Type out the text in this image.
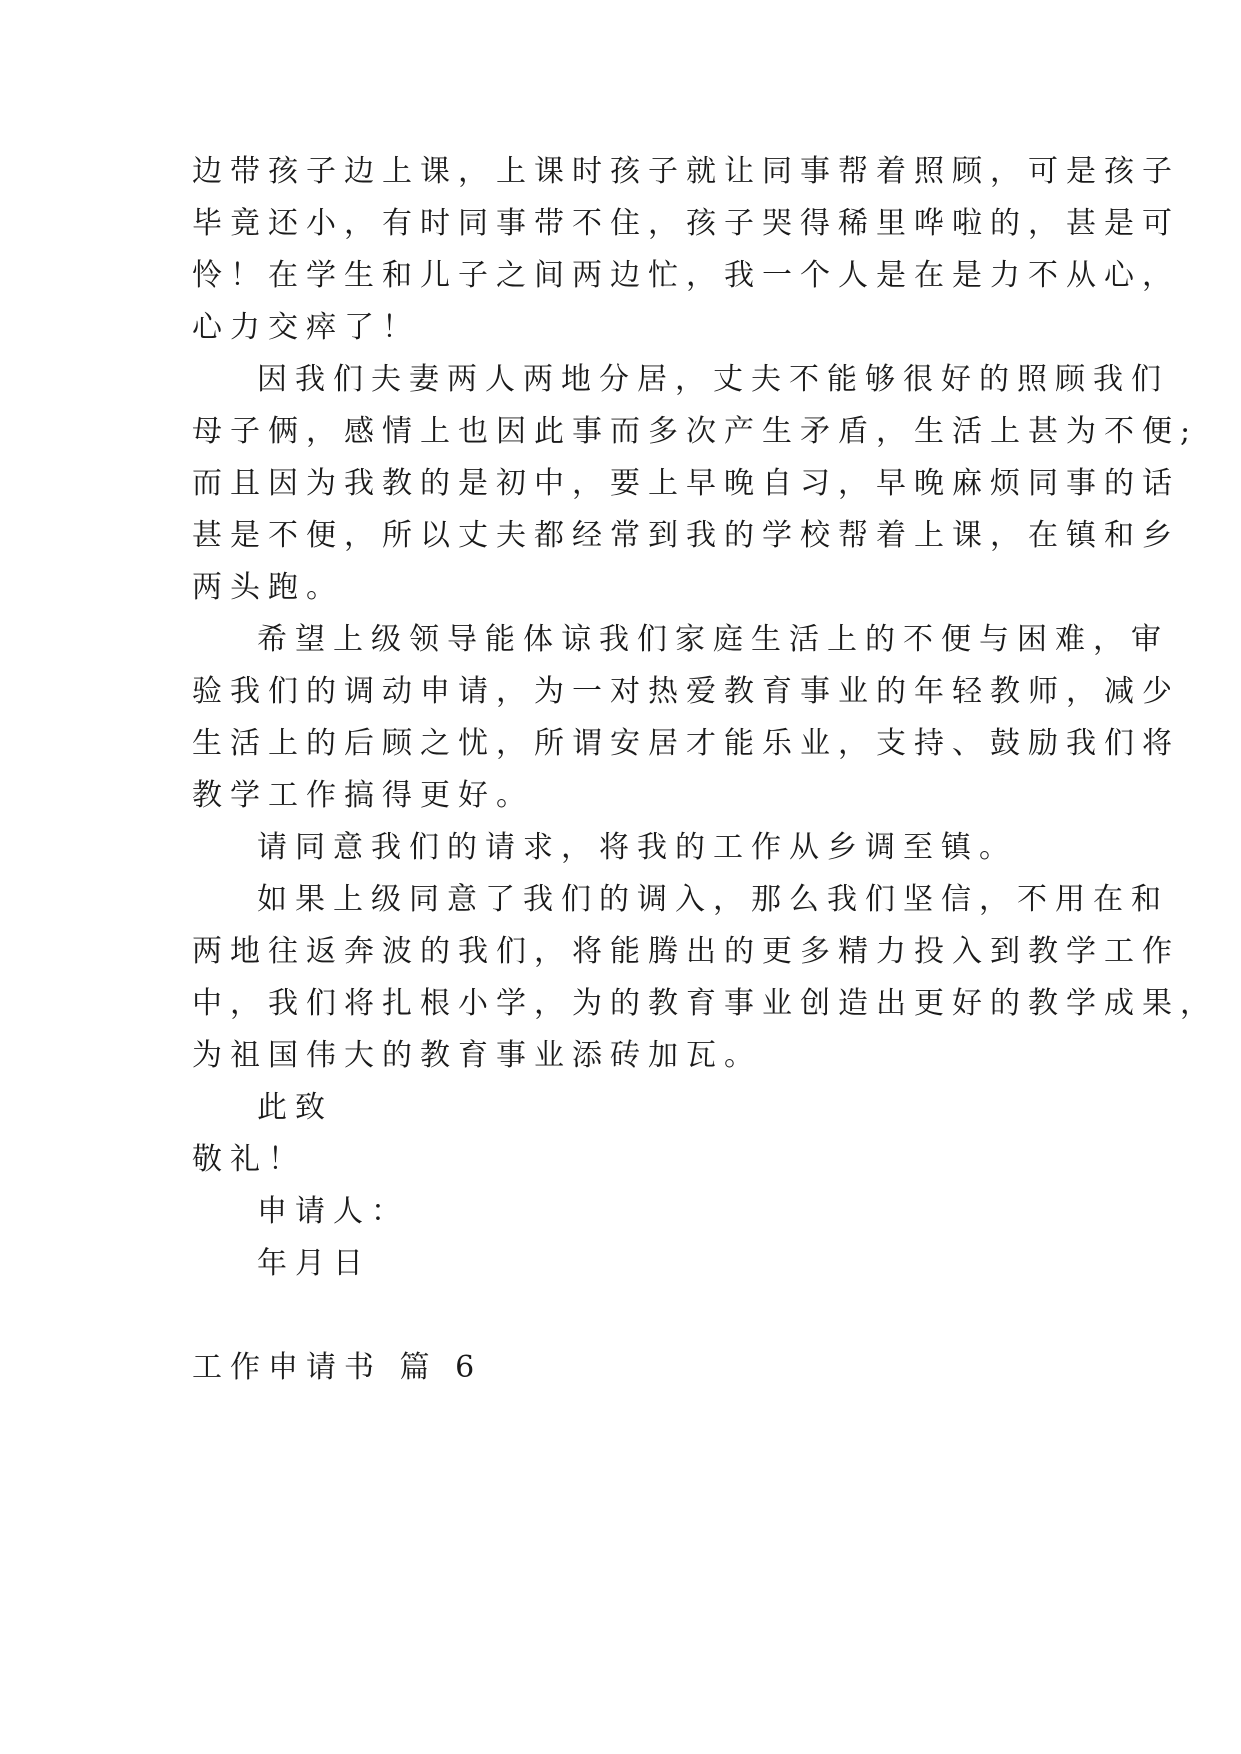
边带孩子边上课，上课时孩子就让同事帮着照顾，可是孩子
毕竟还小，有时同事带不住，孩子哭得稀里哗啦的，甚是可
怜！在学生和儿子之间两边忙，我一个人是在是力不从心，
心力交瘁了！
因我们夫妻两人两地分居，丈夫不能够很好的照顾我们
母子俩，感情上也因此事而多次产生矛盾，生活上甚为不便;
而且因为我教的是初中，要上早晚自习，早晚麻烦同事的话
甚是不便，所以丈夫都经常到我的学校帮着上课，在镇和乡
两头跑。
希望上级领导能体谅我们家庭生活上的不便与困难，审
验我们的调动申请，为一对热爱教育事业的年轻教师，减少
生活上的后顾之忧，所谓安居才能乐业，支持、鼓励我们将
教学工作搞得更好。
请同意我们的请求，将我的工作从乡调至镇。
如果上级同意了我们的调入，那么我们坚信，不用在和
两地往返奔波的我们，将能腾出的更多精力投入到教学工作
中，我们将扎根小学，为的教育事业创造出更好的教学成果，
为祖国伟大的教育事业添砖加瓦。
此致
敬礼！
申请人：
年月日
工作申请书 篇 6
